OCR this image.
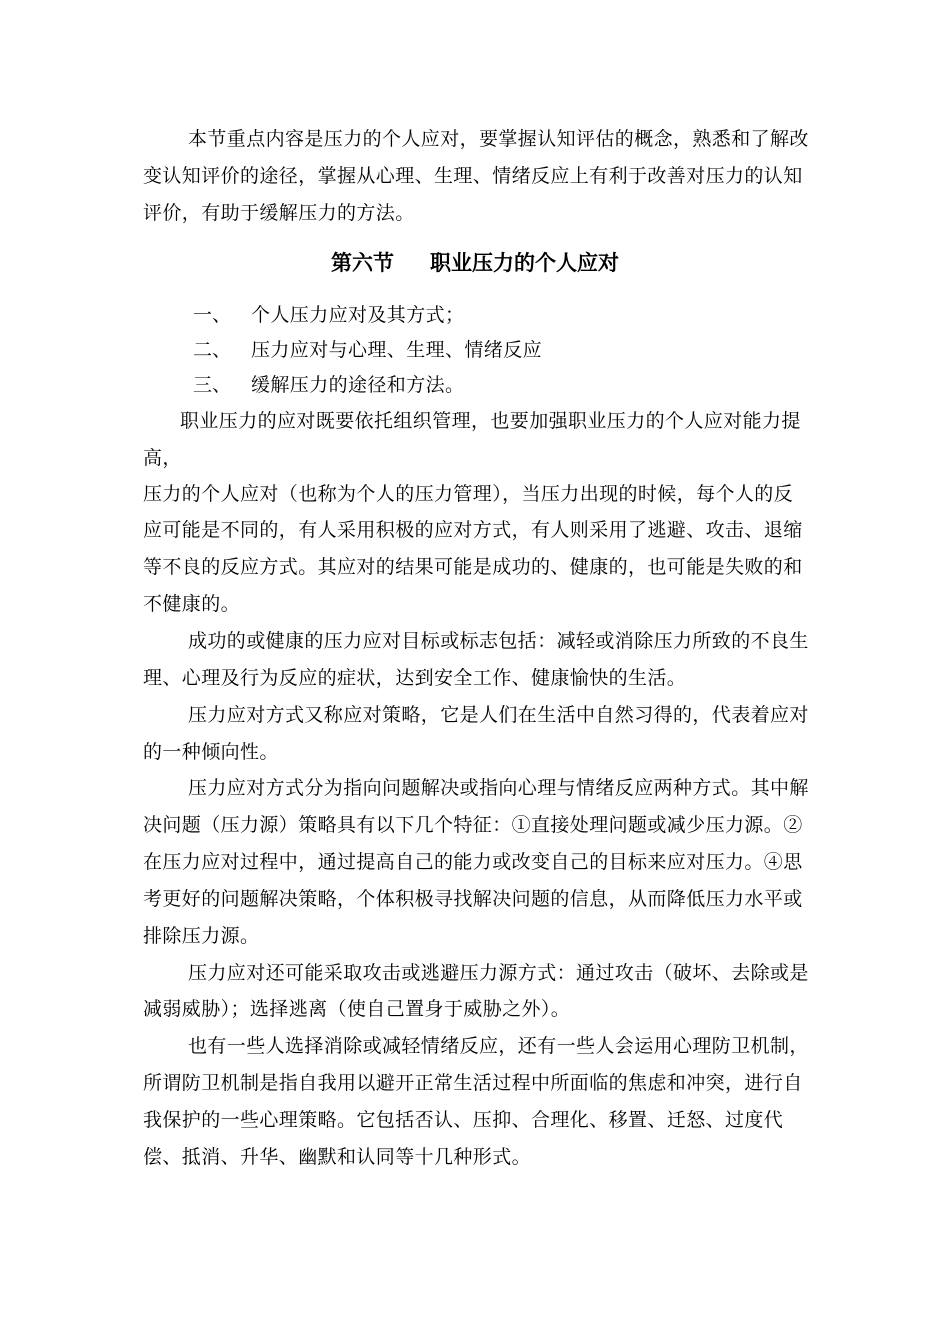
本节重点内容是压力的个人应对，要掌握认知评估的概念，熟悉和了解改
变认知评价的途径，掌握从心理、生理、情绪反应上有利于改善对压力的认知
评价，有助于缓解压力的方法。
第六节 职业压力的个人应对
一、 个人压力应对及其方式；
二、 压力应对与心理、生理、情绪反应
三、 缓解压力的途径和方法。
职业压力的应对既要依托组织管理，也要加强职业压力的个人应对能力提
高，
压力的个人应对（也称为个人的压力管理），当压力出现的时候，每个人的反
应可能是不同的，有人采用积极的应对方式，有人则采用了逃避、攻击、退缩
等不良的反应方式。其应对的结果可能是成功的、健康的，也可能是失败的和
不健康的。
成功的或健康的压力应对目标或标志包括：减轻或消除压力所致的不良生
理、心理及行为反应的症状，达到安全工作、健康愉快的生活。
压力应对方式又称应对策略，它是人们在生活中自然习得的，代表着应对
的一种倾向性。
压力应对方式分为指向问题解决或指向心理与情绪反应两种方式。其中解
决问题（压力源）策略具有以下几个特征：①直接处理问题或减少压力源。②
在压力应对过程中，通过提高自己的能力或改变自己的目标来应对压力。④思
考更好的问题解决策略，个体积极寻找解决问题的信息，从而降低压力水平或
排除压力源。
压力应对还可能采取攻击或逃避压力源方式：通过攻击（破坏、去除或是
减弱威胁）；选择逃离（使自己置身于威胁之外）。
也有一些人选择消除或减轻情绪反应，还有一些人会运用心理防卫机制，
所谓防卫机制是指自我用以避开正常生活过程中所面临的焦虑和冲突，进行自
我保护的一些心理策略。它包括否认、压抑、合理化、移置、迁怒、过度代
偿、抵消、升华、幽默和认同等十几种形式。
